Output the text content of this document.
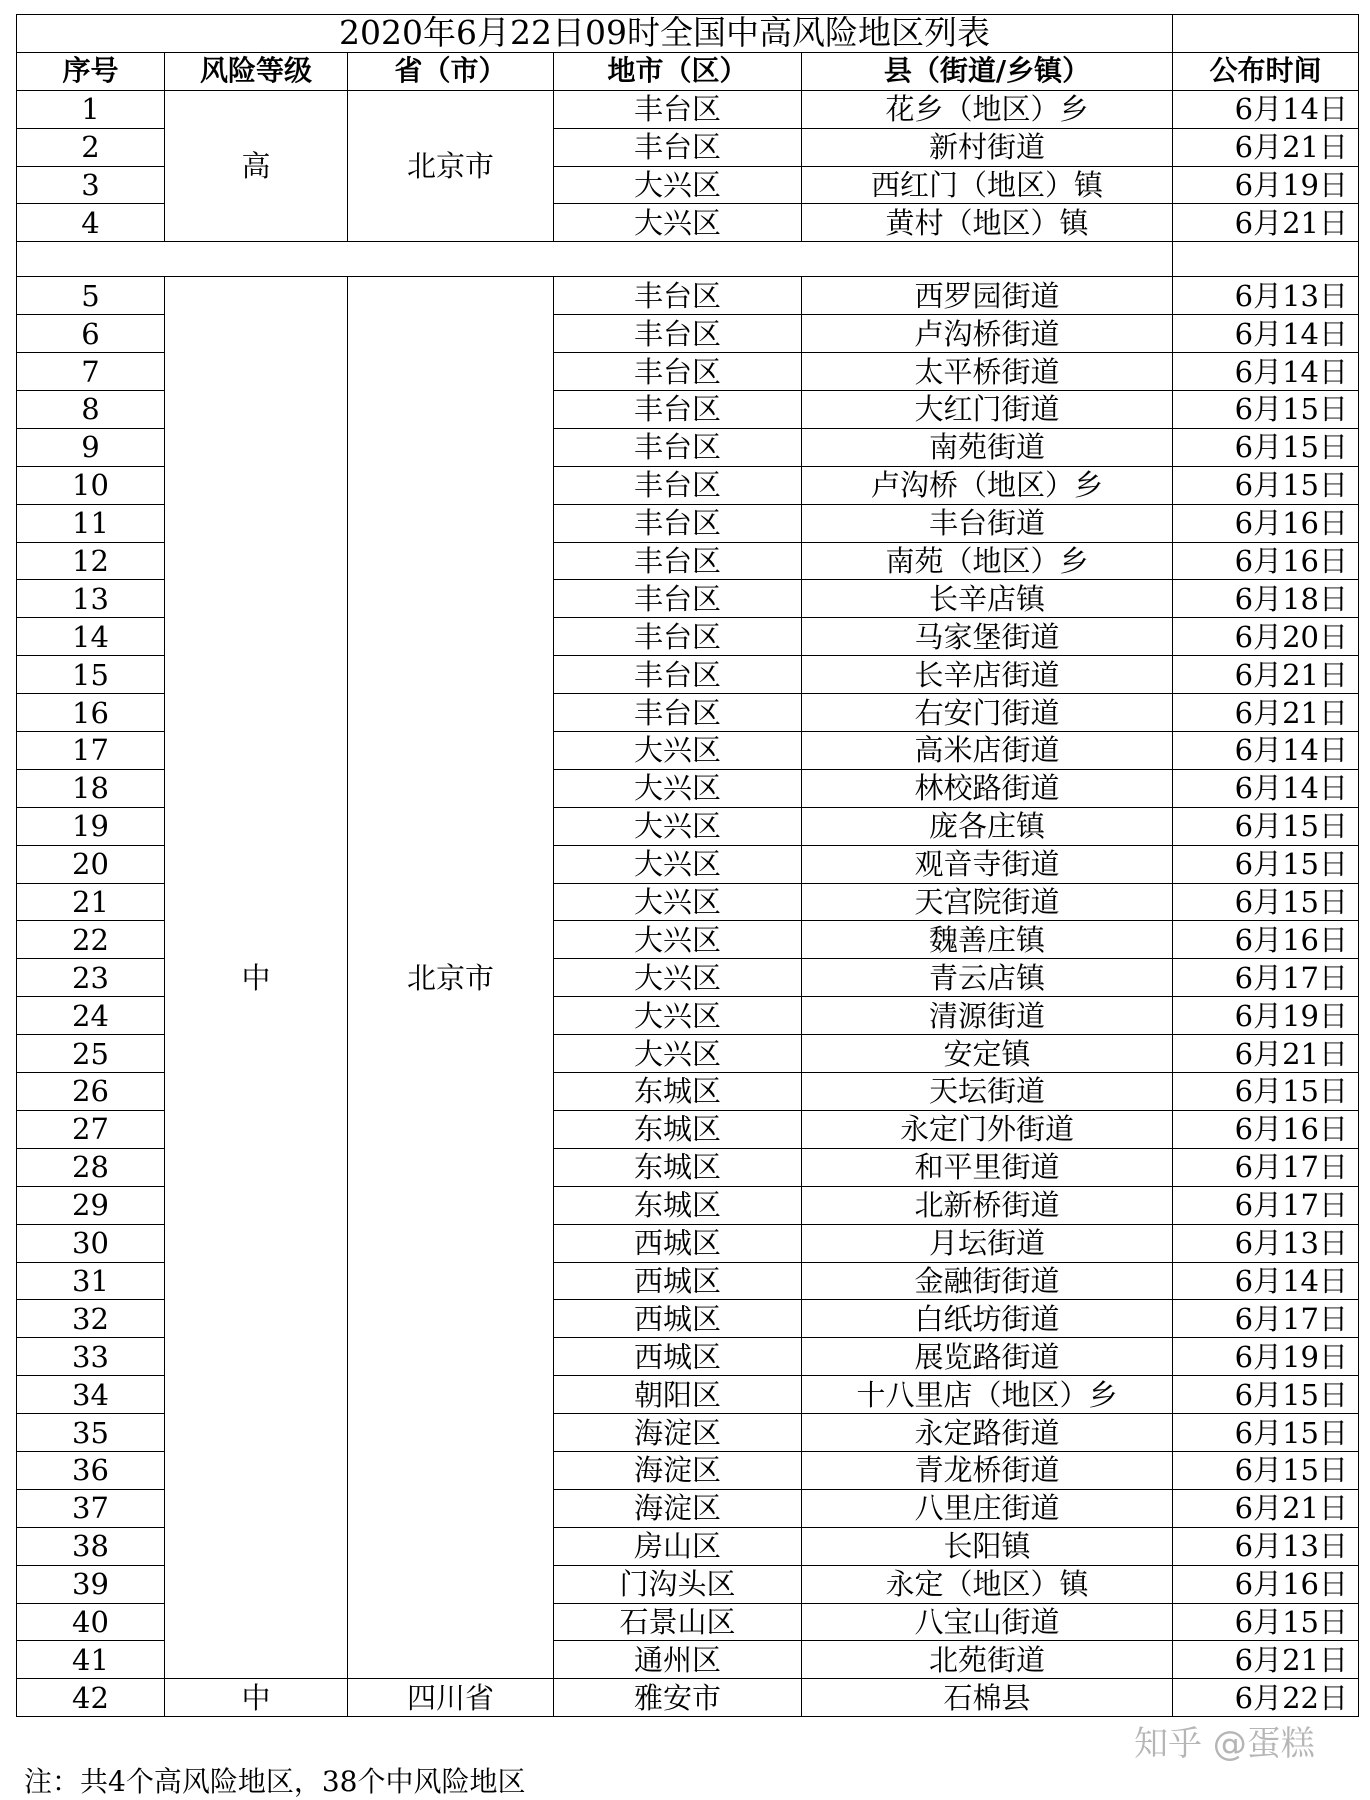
2020年6月22日09时全国中高风险地区列表					
序号	风险等级	省（市）	地市（区）	县（街道/乡镇）	公布时间
1	高	北京市	丰台区	花乡（地区）乡	6月14日
2			丰台区	新村街道	6月21日
3			大兴区	西红门（地区）镇	6月19日
4			大兴区	黄村（地区）镇	6月21日

5	中	北京市	丰台区	西罗园街道	6月13日
6			丰台区	卢沟桥街道	6月14日
7			丰台区	太平桥街道	6月14日
8			丰台区	大红门街道	6月15日
9			丰台区	南苑街道	6月15日
10			丰台区	卢沟桥（地区）乡	6月15日
11			丰台区	丰台街道	6月16日
12			丰台区	南苑（地区）乡	6月16日
13			丰台区	长辛店镇	6月18日
14			丰台区	马家堡街道	6月20日
15			丰台区	长辛店街道	6月21日
16			丰台区	右安门街道	6月21日
17			大兴区	高米店街道	6月14日
18			大兴区	林校路街道	6月14日
19			大兴区	庞各庄镇	6月15日
20			大兴区	观音寺街道	6月15日
21			大兴区	天宫院街道	6月15日
22			大兴区	魏善庄镇	6月16日
23			大兴区	青云店镇	6月17日
24			大兴区	清源街道	6月19日
25			大兴区	安定镇	6月21日
26			东城区	天坛街道	6月15日
27			东城区	永定门外街道	6月16日
28			东城区	和平里街道	6月17日
29			东城区	北新桥街道	6月17日
30			西城区	月坛街道	6月13日
31			西城区	金融街街道	6月14日
32			西城区	白纸坊街道	6月17日
33			西城区	展览路街道	6月19日
34			朝阳区	十八里店（地区）乡	6月15日
35			海淀区	永定路街道	6月15日
36			海淀区	青龙桥街道	6月15日
37			海淀区	八里庄街道	6月21日
38			房山区	长阳镇	6月13日
39			门沟头区	永定（地区）镇	6月16日
40			石景山区	八宝山街道	6月15日
41			通州区	北苑街道	6月21日
42	中	四川省	雅安市	石棉县	6月22日
注：共4个高风险地区，38个中风险地区
知乎 @蛋糕
